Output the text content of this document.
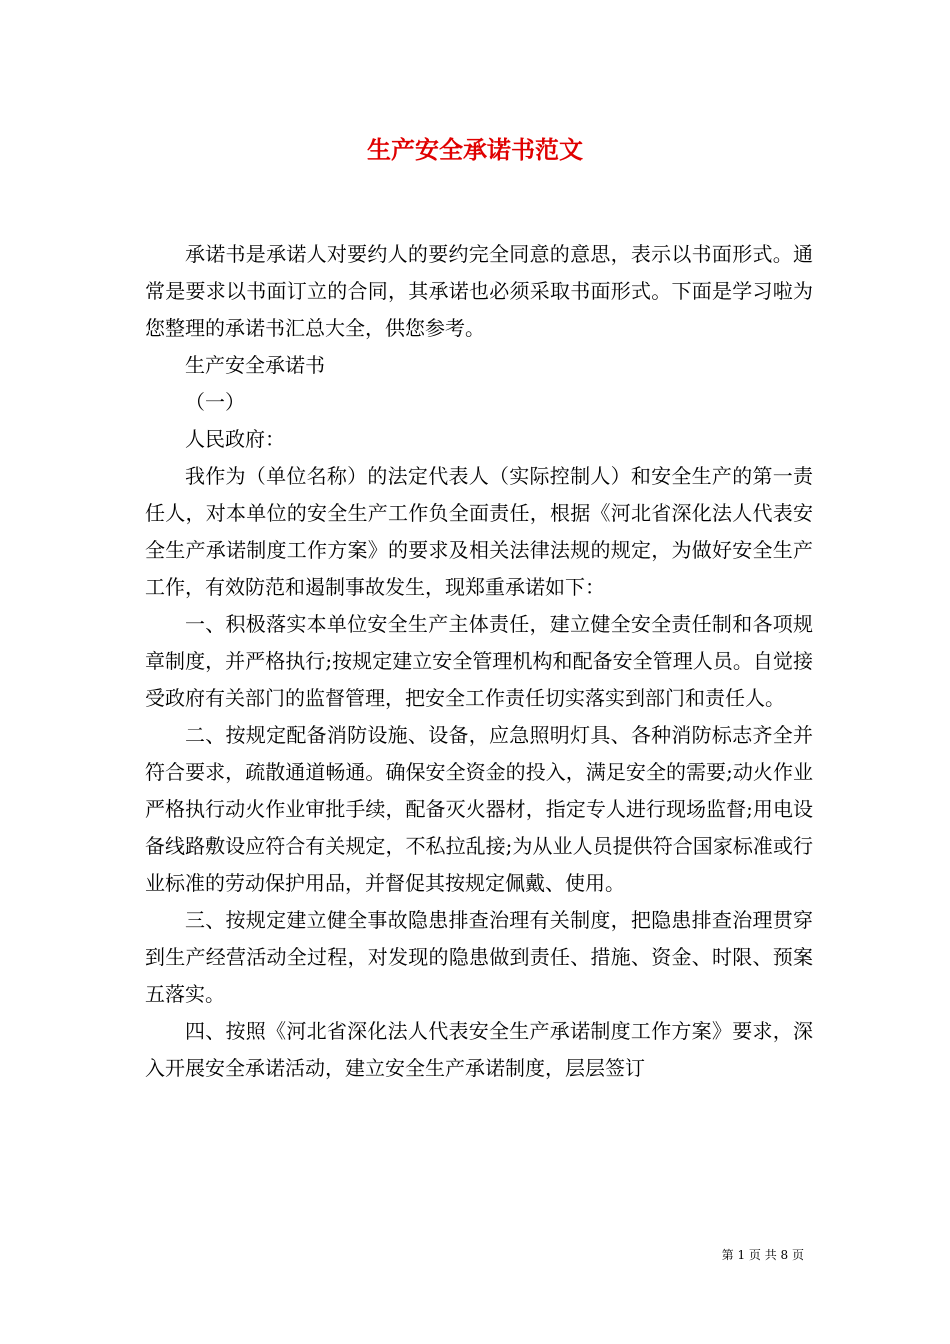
生产安全承诺书范文

承诺书是承诺人对要约人的要约完全同意的意思，表示以书面形式。通常是要求以书面订立的合同，其承诺也必须采取书面形式。下面是学习啦为您整理的承诺书汇总大全，供您参考。

生产安全承诺书

（一）

人民政府：

我作为（单位名称）的法定代表人（实际控制人）和安全生产的第一责任人，对本单位的安全生产工作负全面责任，根据《河北省深化法人代表安全生产承诺制度工作方案》的要求及相关法律法规的规定，为做好安全生产工作，有效防范和遏制事故发生，现郑重承诺如下：

一、积极落实本单位安全生产主体责任，建立健全安全责任制和各项规章制度，并严格执行;按规定建立安全管理机构和配备安全管理人员。自觉接受政府有关部门的监督管理，把安全工作责任切实落实到部门和责任人。

二、按规定配备消防设施、设备，应急照明灯具、各种消防标志齐全并符合要求，疏散通道畅通。确保安全资金的投入，满足安全的需要;动火作业严格执行动火作业审批手续，配备灭火器材，指定专人进行现场监督;用电设备线路敷设应符合有关规定，不私拉乱接;为从业人员提供符合国家标准或行业标准的劳动保护用品，并督促其按规定佩戴、使用。

三、按规定建立健全事故隐患排查治理有关制度，把隐患排查治理贯穿到生产经营活动全过程，对发现的隐患做到责任、措施、资金、时限、预案五落实。

四、按照《河北省深化法人代表安全生产承诺制度工作方案》要求，深入开展安全承诺活动，建立安全生产承诺制度，层层签订

第 1 页 共 8 页
